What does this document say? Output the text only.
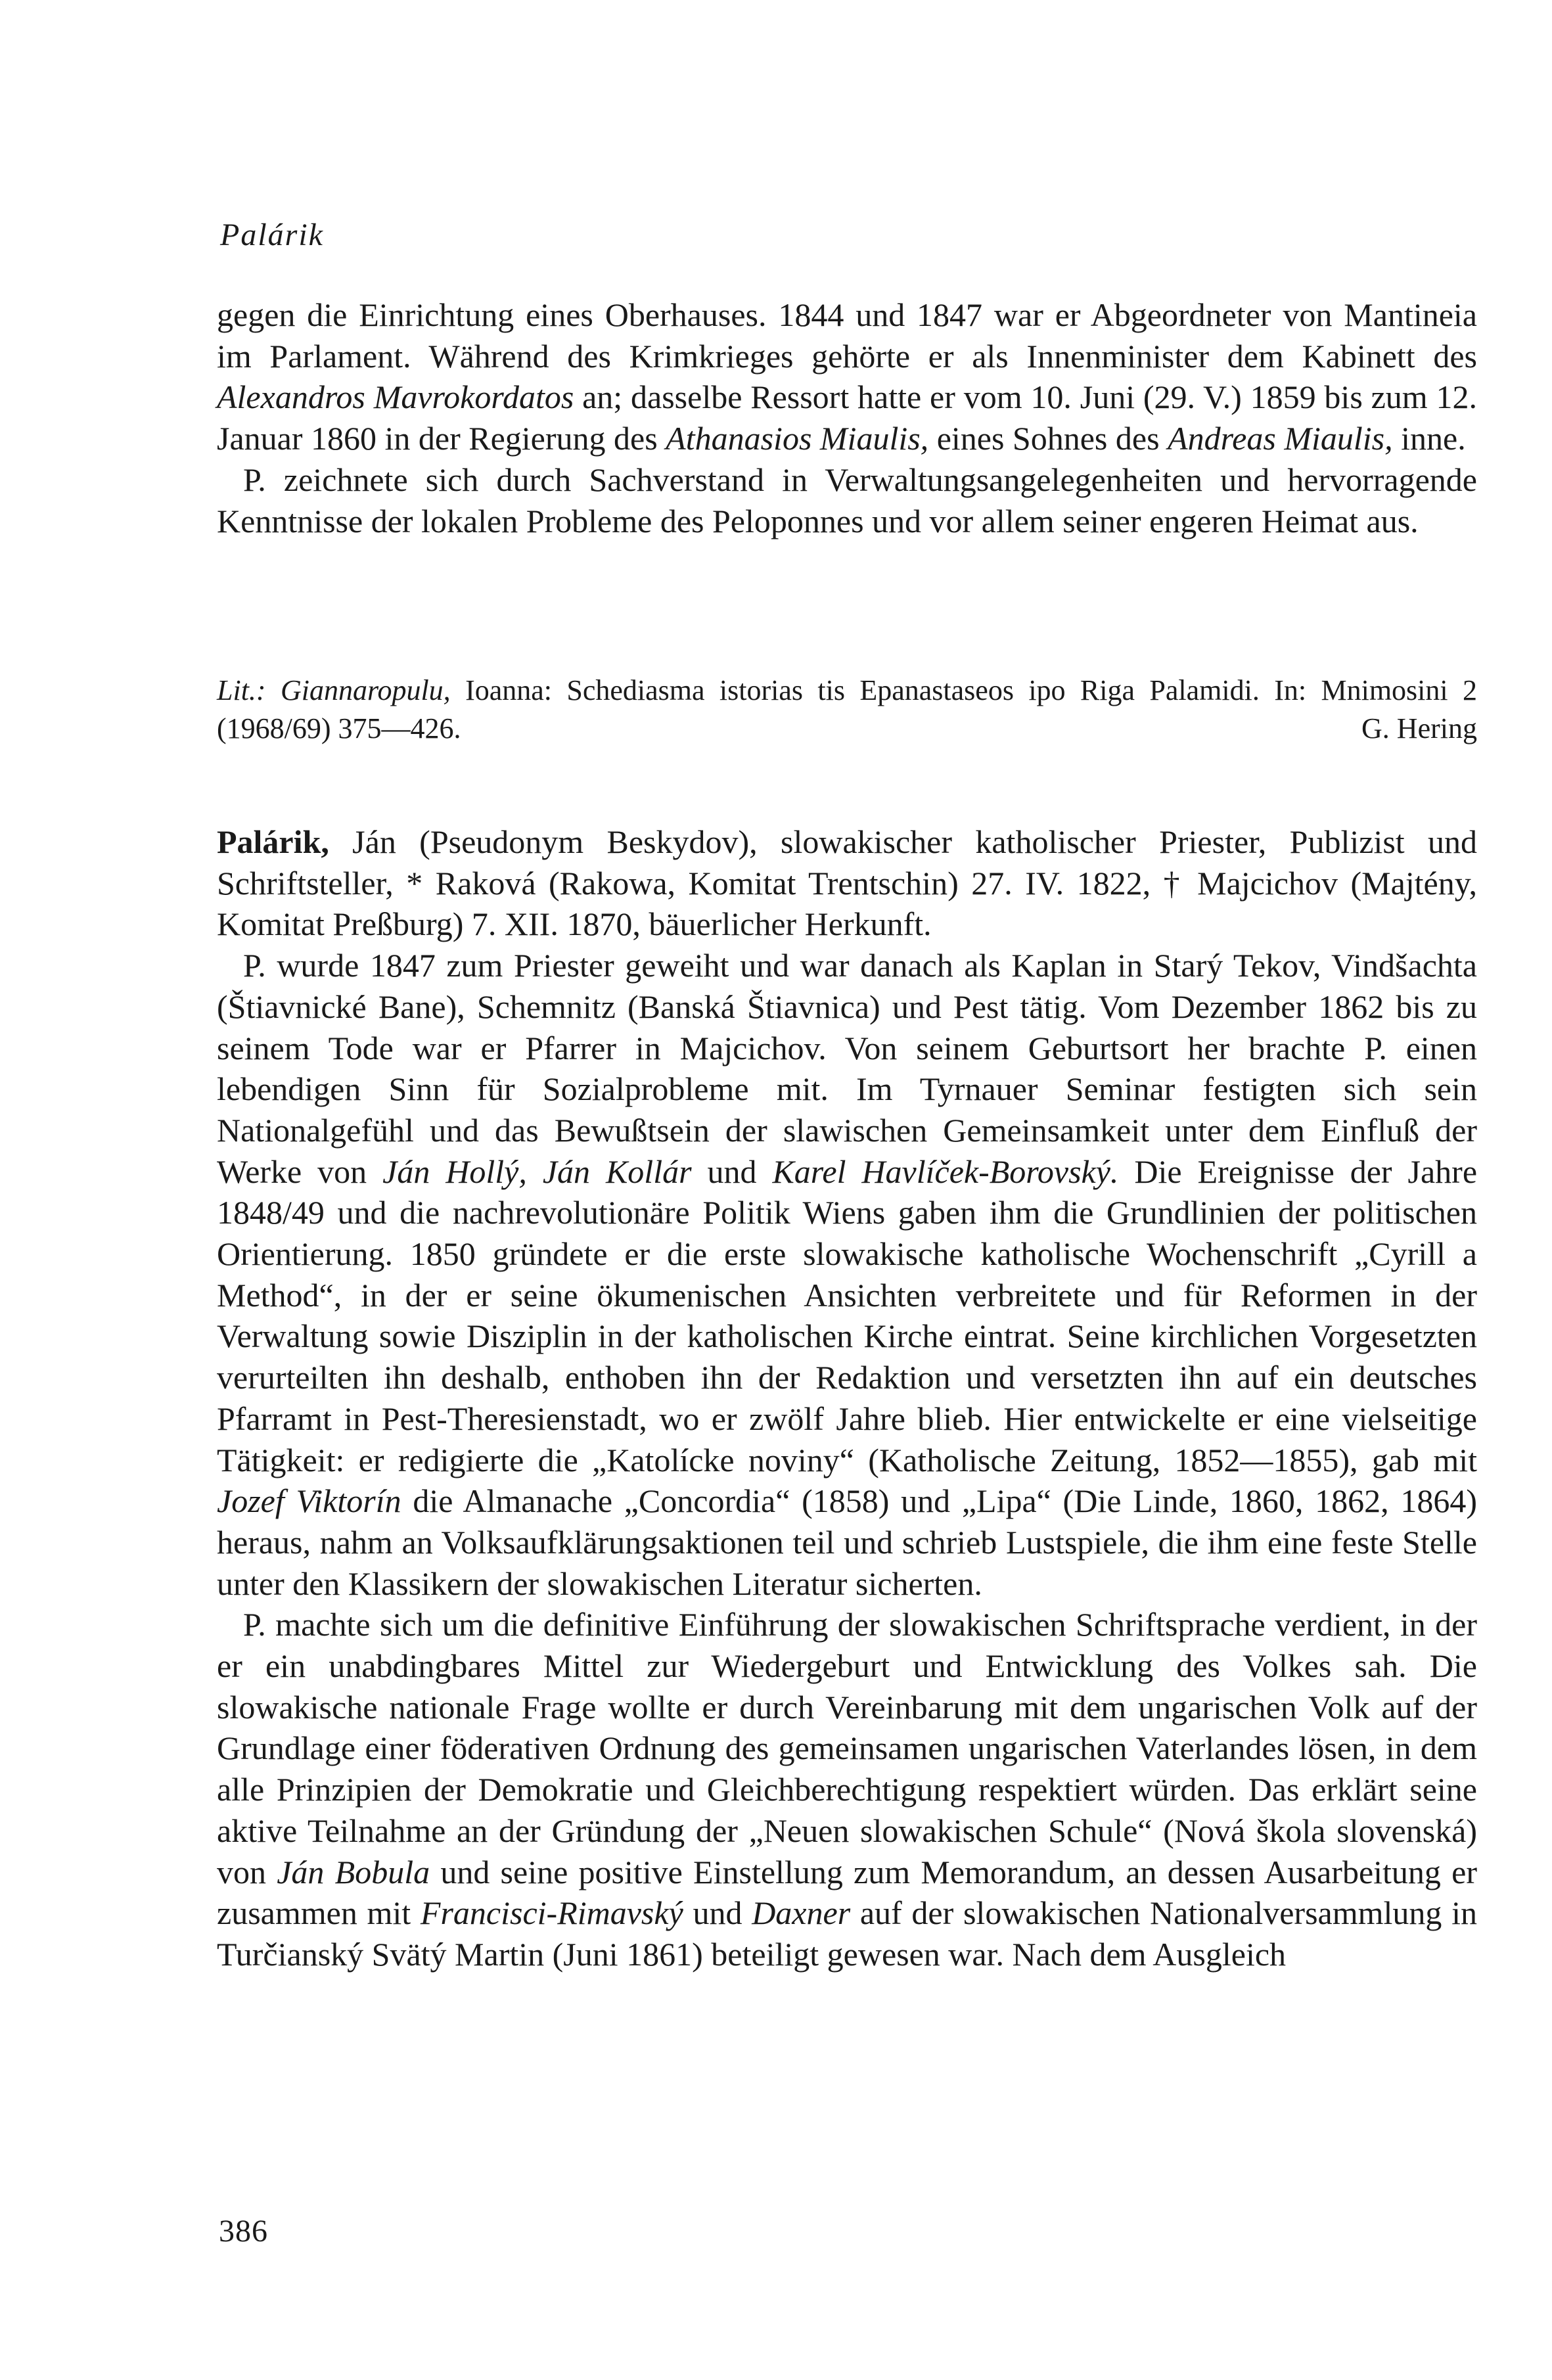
Palárik

gegen die Einrichtung eines Oberhauses. 1844 und 1847 war er Abgeordneter von Mantineia im Parlament. Während des Krimkrieges gehörte er als Innenminister dem Kabinett des Alexandros Mavrokordatos an; dasselbe Ressort hatte er vom 10. Juni (29. V.) 1859 bis zum 12. Januar 1860 in der Regierung des Athanasios Miaulis, eines Sohnes des Andreas Miaulis, inne.

P. zeichnete sich durch Sachverstand in Verwaltungsangelegenheiten und hervorragende Kenntnisse der lokalen Probleme des Peloponnes und vor allem seiner engeren Heimat aus.

Lit.: Giannaropulu, Ioanna: Schediasma istorias tis Epanastaseos ipo Riga Palamidi. In: Mnimosini 2 (1968/69) 375—426.	G. Hering

Palárik, Ján (Pseudonym Beskydov), slowakischer katholischer Priester, Publizist und Schriftsteller, * Raková (Rakowa, Komitat Trentschin) 27. IV. 1822, † Majcichov (Majtény, Komitat Preßburg) 7. XII. 1870, bäuerlicher Herkunft.

P. wurde 1847 zum Priester geweiht und war danach als Kaplan in Starý Tekov, Vindšachta (Štiavnické Bane), Schemnitz (Banská Štiavnica) und Pest tätig. Vom Dezember 1862 bis zu seinem Tode war er Pfarrer in Majcichov. Von seinem Geburtsort her brachte P. einen lebendigen Sinn für Sozialprobleme mit. Im Tyrnauer Seminar festigten sich sein Nationalgefühl und das Bewußtsein der slawischen Gemeinsamkeit unter dem Einfluß der Werke von Ján Hollý, Ján Kollár und Karel Havlíček-Borovský. Die Ereignisse der Jahre 1848/49 und die nachrevolutionäre Politik Wiens gaben ihm die Grundlinien der politischen Orientierung. 1850 gründete er die erste slowakische katholische Wochenschrift „Cyrill a Method“, in der er seine ökumenischen Ansichten verbreitete und für Reformen in der Verwaltung sowie Disziplin in der katholischen Kirche eintrat. Seine kirchlichen Vorgesetzten verurteilten ihn deshalb, enthoben ihn der Redaktion und versetzten ihn auf ein deutsches Pfarramt in Pest-Theresienstadt, wo er zwölf Jahre blieb. Hier entwickelte er eine vielseitige Tätigkeit: er redigierte die „Katolícke noviny“ (Katholische Zeitung, 1852—1855), gab mit Jozef Viktorín die Almanache „Concordia“ (1858) und „Lipa“ (Die Linde, 1860, 1862, 1864) heraus, nahm an Volksaufklärungsaktionen teil und schrieb Lustspiele, die ihm eine feste Stelle unter den Klassikern der slowakischen Literatur sicherten.

P. machte sich um die definitive Einführung der slowakischen Schriftsprache verdient, in der er ein unabdingbares Mittel zur Wiedergeburt und Entwicklung des Volkes sah. Die slowakische nationale Frage wollte er durch Vereinbarung mit dem ungarischen Volk auf der Grundlage einer föderativen Ordnung des gemeinsamen ungarischen Vaterlandes lösen, in dem alle Prinzipien der Demokratie und Gleichberechtigung respektiert würden. Das erklärt seine aktive Teilnahme an der Gründung der „Neuen slowakischen Schule“ (Nová škola slovenská) von Ján Bobula und seine positive Einstellung zum Memorandum, an dessen Ausarbeitung er zusammen mit Francisci-Rimavský und Daxner auf der slowakischen Nationalversammlung in Turčianský Svätý Martin (Juni 1861) beteiligt gewesen war. Nach dem Ausgleich

386
